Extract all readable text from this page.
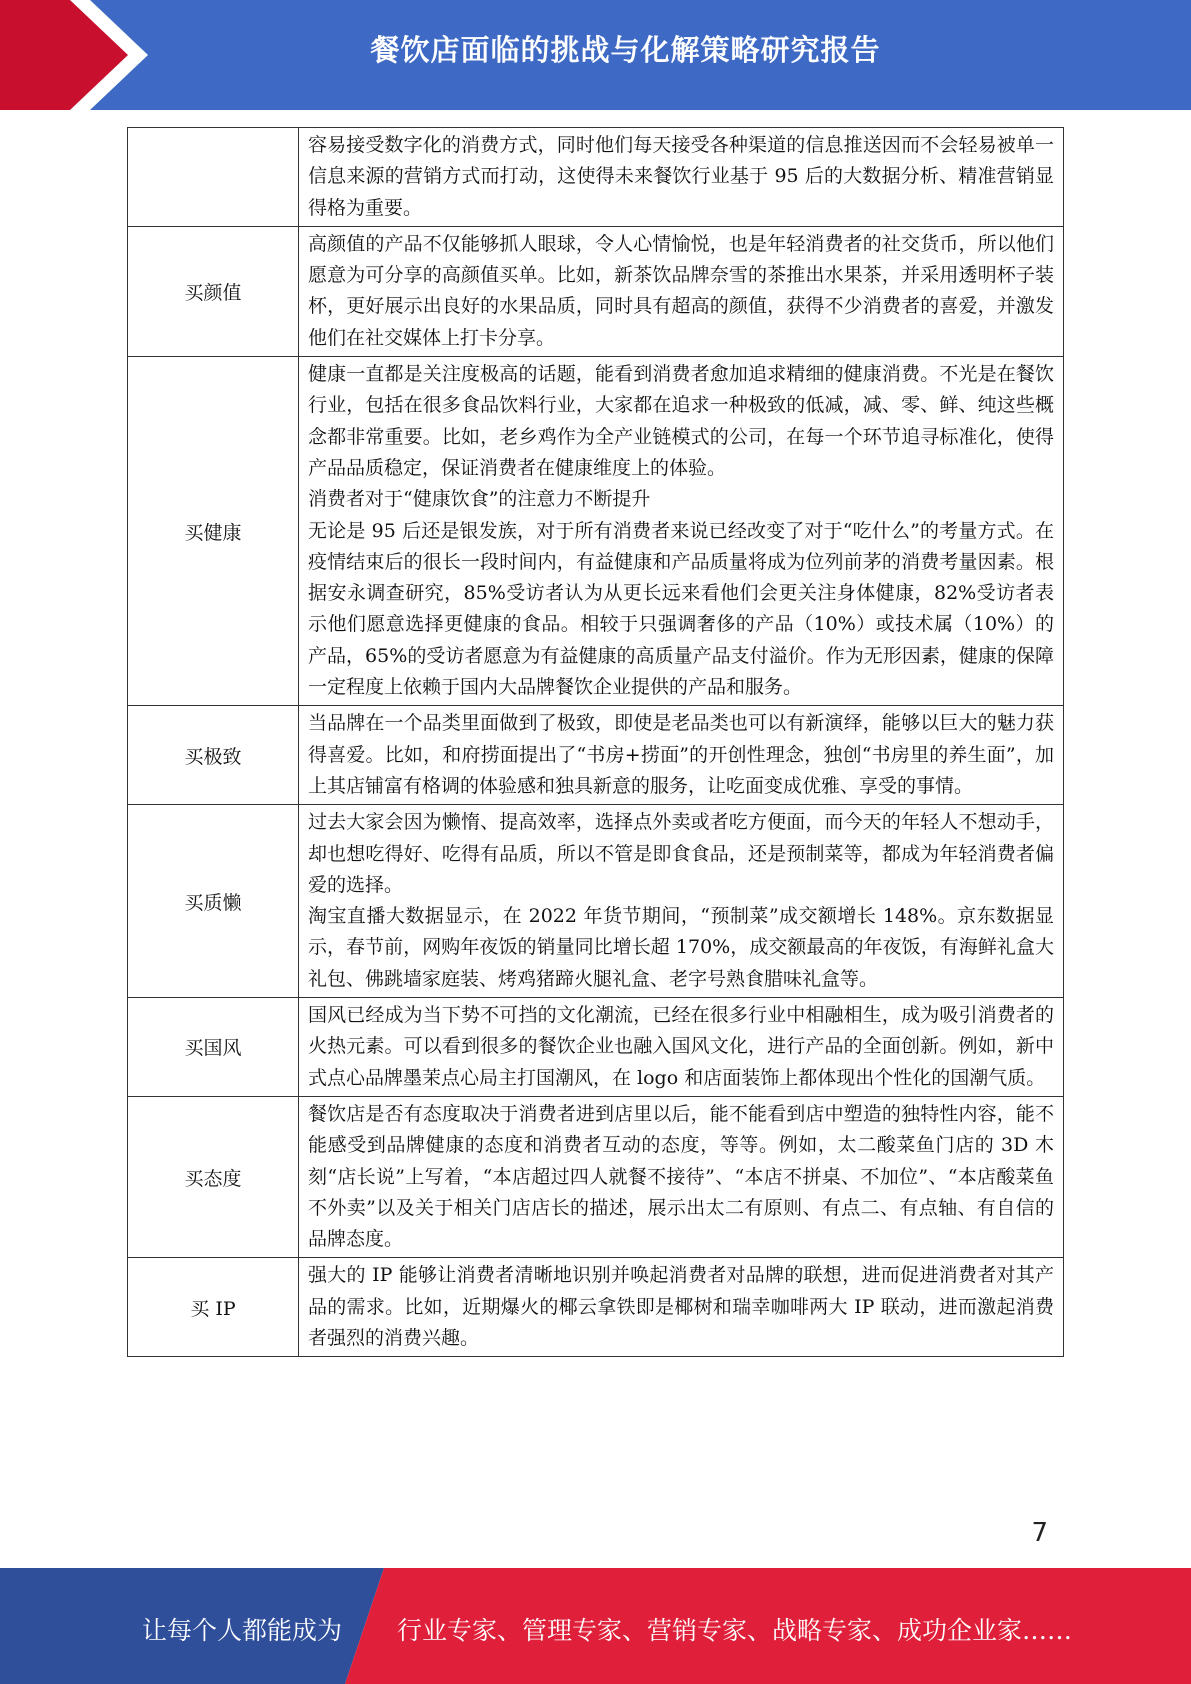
餐饮店面临的挑战与化解策略研究报告

	容易接受数字化的消费方式，同时他们每天接受各种渠道的信息推送因而不会轻易被单一信息来源的营销方式而打动，这使得未来餐饮行业基于 95 后的大数据分析、精准营销显得格为重要。

买颜值	高颜值的产品不仅能够抓人眼球，令人心情愉悦，也是年轻消费者的社交货币，所以他们愿意为可分享的高颜值买单。比如，新茶饮品牌奈雪的茶推出水果茶，并采用透明杯子装杯，更好展示出良好的水果品质，同时具有超高的颜值，获得不少消费者的喜爱，并激发他们在社交媒体上打卡分享。

买健康	健康一直都是关注度极高的话题，能看到消费者愈加追求精细的健康消费。不光是在餐饮行业，包括在很多食品饮料行业，大家都在追求一种极致的低减，减、零、鲜、纯这些概念都非常重要。比如，老乡鸡作为全产业链模式的公司，在每一个环节追寻标准化，使得产品品质稳定，保证消费者在健康维度上的体验。

消费者对于“健康饮食”的注意力不断提升

无论是 95 后还是银发族，对于所有消费者来说已经改变了对于“吃什么”的考量方式。在疫情结束后的很长一段时间内，有益健康和产品质量将成为位列前茅的消费考量因素。根据安永调查研究，85%受访者认为从更长远来看他们会更关注身体健康，82%受访者表示他们愿意选择更健康的食品。相较于只强调奢侈的产品（10%）或技术属（10%）的产品，65%的受访者愿意为有益健康的高质量产品支付溢价。作为无形因素，健康的保障一定程度上依赖于国内大品牌餐饮企业提供的产品和服务。

买极致	当品牌在一个品类里面做到了极致，即使是老品类也可以有新演绎，能够以巨大的魅力获得喜爱。比如，和府捞面提出了“书房+捞面”的开创性理念，独创“书房里的养生面”，加上其店铺富有格调的体验感和独具新意的服务，让吃面变成优雅、享受的事情。

买质懒	过去大家会因为懒惰、提高效率，选择点外卖或者吃方便面，而今天的年轻人不想动手，却也想吃得好、吃得有品质，所以不管是即食食品，还是预制菜等，都成为年轻消费者偏爱的选择。

淘宝直播大数据显示，在 2022 年货节期间，“预制菜”成交额增长 148%。京东数据显示，春节前，网购年夜饭的销量同比增长超 170%，成交额最高的年夜饭，有海鲜礼盒大礼包、佛跳墙家庭装、烤鸡猪蹄火腿礼盒、老字号熟食腊味礼盒等。

买国风	国风已经成为当下势不可挡的文化潮流，已经在很多行业中相融相生，成为吸引消费者的火热元素。可以看到很多的餐饮企业也融入国风文化，进行产品的全面创新。例如，新中式点心品牌墨茉点心局主打国潮风，在 logo 和店面装饰上都体现出个性化的国潮气质。

买态度	餐饮店是否有态度取决于消费者进到店里以后，能不能看到店中塑造的独特性内容，能不能感受到品牌健康的态度和消费者互动的态度，等等。例如，太二酸菜鱼门店的 3D 木刻“店长说”上写着，“本店超过四人就餐不接待”、“本店不拼桌、不加位”、“本店酸菜鱼不外卖”以及关于相关门店店长的描述，展示出太二有原则、有点二、有点轴、有自信的品牌态度。

买 IP	强大的 IP 能够让消费者清晰地识别并唤起消费者对品牌的联想，进而促进消费者对其产品的需求。比如，近期爆火的椰云拿铁即是椰树和瑞幸咖啡两大 IP 联动，进而激起消费者强烈的消费兴趣。

7
让每个人都能成为 行业专家、管理专家、营销专家、战略专家、成功企业家……
